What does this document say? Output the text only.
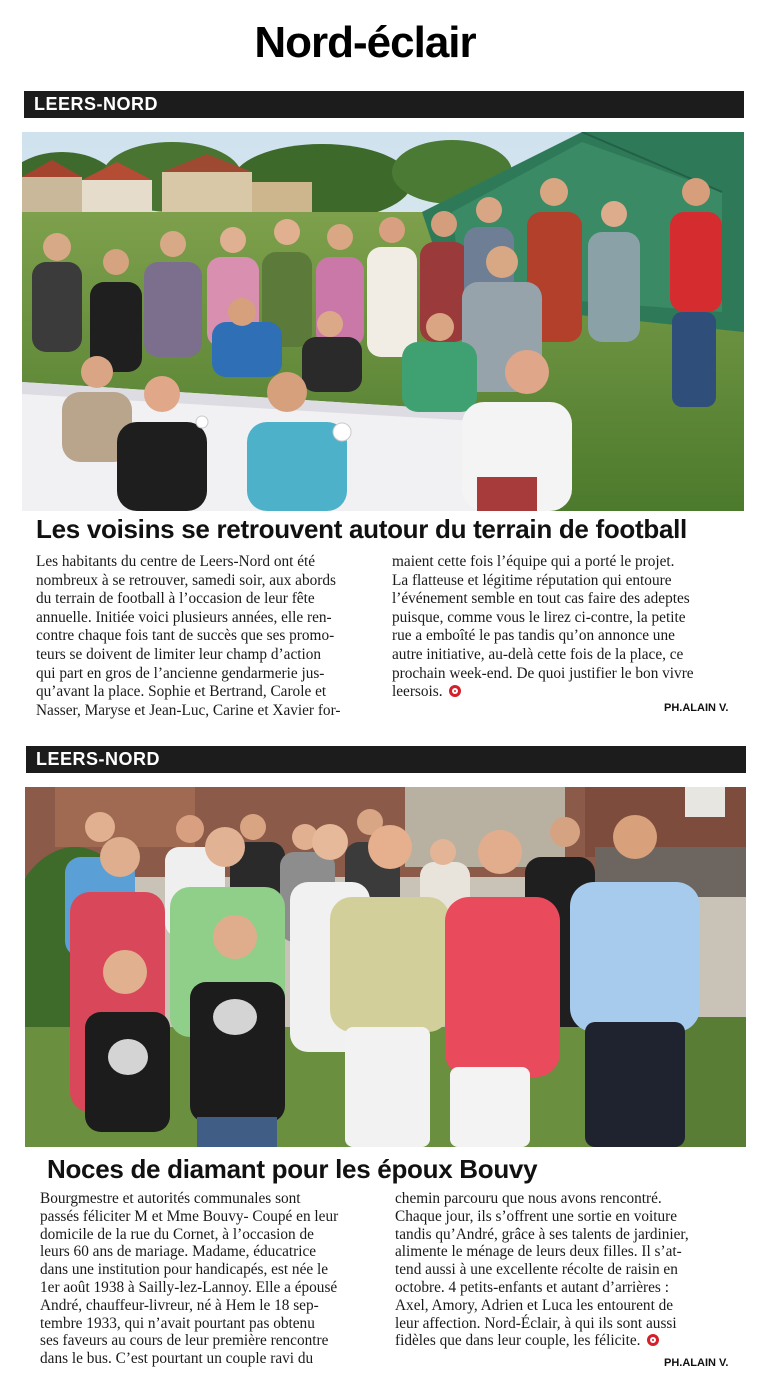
Nord-éclair
LEERS-NORD
Les voisins se retrouvent autour du terrain de football

Les habitants du centre de Leers-Nord ont été

nombreux à se retrouver, samedi soir, aux abords

du terrain de football à l’occasion de leur fête

annuelle. Initiée voici plusieurs années, elle ren-

contre chaque fois tant de succès que ses promo-

teurs se doivent de limiter leur champ d’action

qui part en gros de l’ancienne gendarmerie jus-

qu’avant la place. Sophie et Bertrand, Carole et

Nasser, Maryse et Jean-Luc, Carine et Xavier for-

maient cette fois l’équipe qui a porté le projet.

La flatteuse et légitime réputation qui entoure

l’événement semble en tout cas faire des adeptes

puisque, comme vous le lirez ci-contre, la petite

rue a emboîté le pas tandis qu’on annonce une

autre initiative, au-delà cette fois de la place, ce

prochain week-end. De quoi justifier le bon vivre

leersois.

PH.ALAIN V.
LEERS-NORD
Noces de diamant pour les époux Bouvy

Bourgmestre et autorités communales sont

passés féliciter M et Mme Bouvy- Coupé en leur

domicile de la rue du Cornet, à l’occasion de

leurs 60 ans de mariage. Madame, éducatrice

dans une institution pour handicapés, est née le

1er août 1938 à Sailly-lez-Lannoy. Elle a épousé

André, chauffeur-livreur, né à Hem le 18 sep-

tembre 1933, qui n’avait pourtant pas obtenu

ses faveurs au cours de leur première rencontre

dans le bus. C’est pourtant un couple ravi du

chemin parcouru que nous avons rencontré.

Chaque jour, ils s’offrent une sortie en voiture

tandis qu’André, grâce à ses talents de jardinier,

alimente le ménage de leurs deux filles. Il s’at-

tend aussi à une excellente récolte de raisin en

octobre. 4 petits-enfants et autant d’arrières :

Axel, Amory, Adrien et Luca les entourent de

leur affection. Nord-Éclair, à qui ils sont aussi

fidèles que dans leur couple, les félicite.

PH.ALAIN V.
